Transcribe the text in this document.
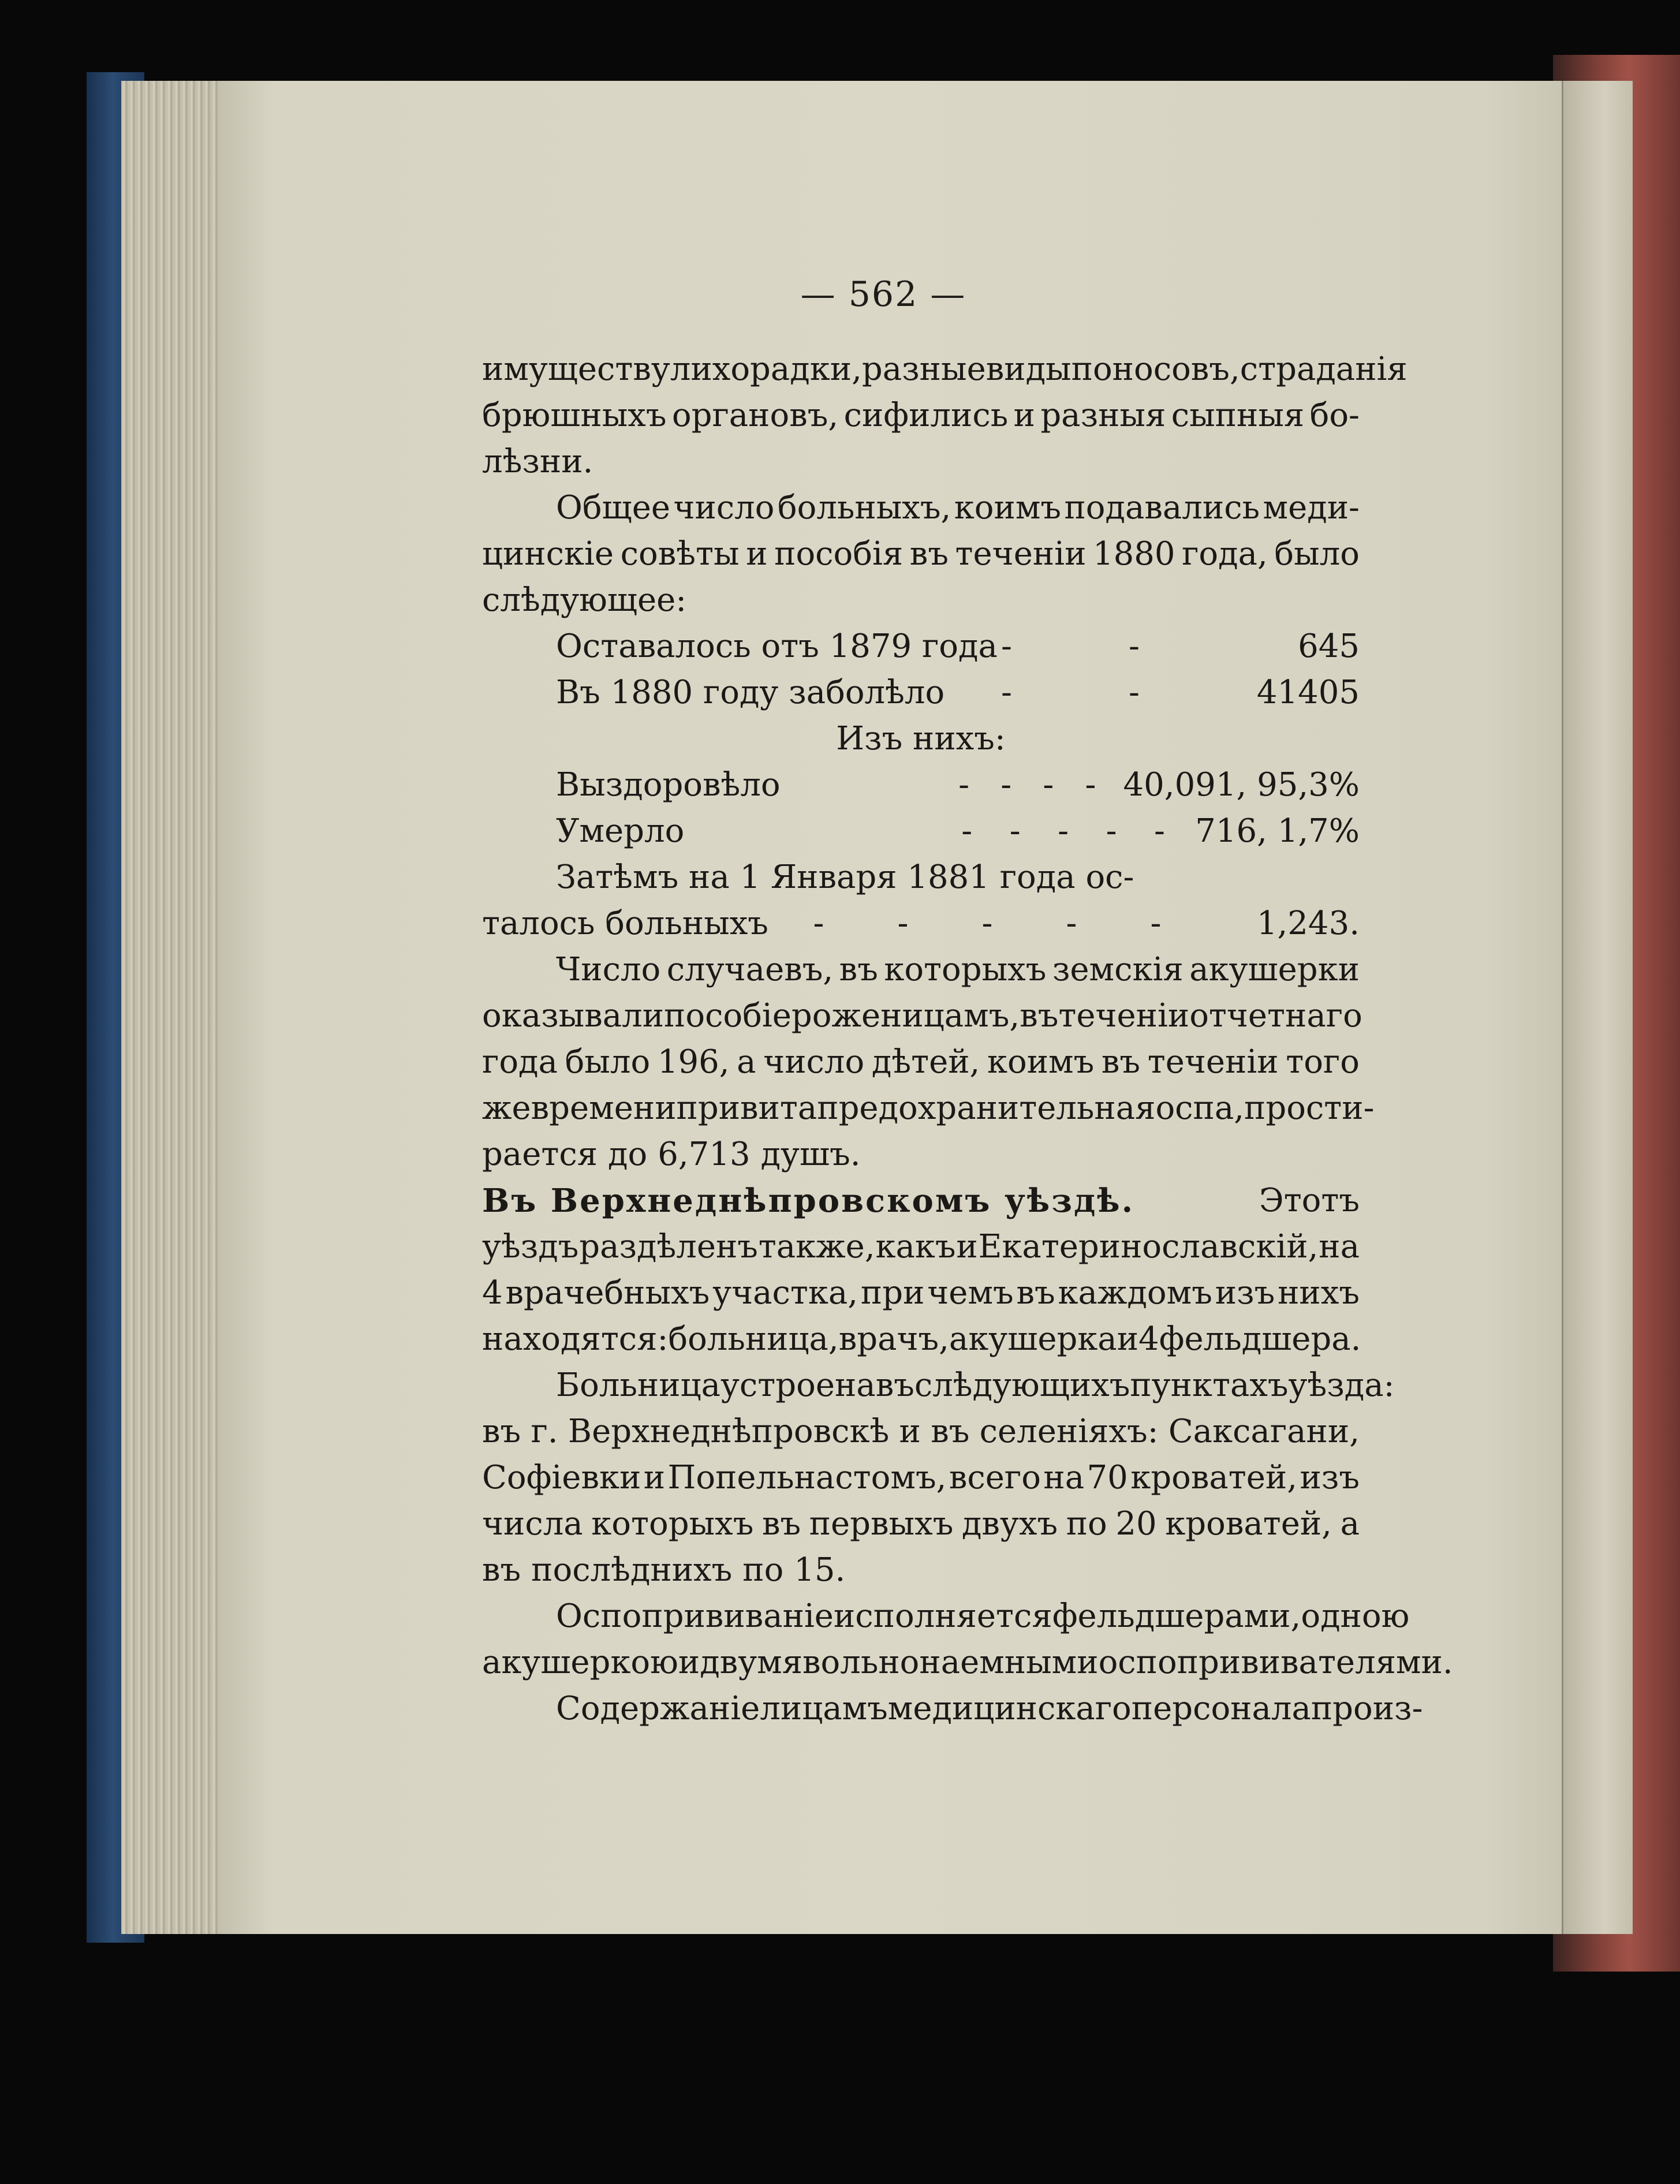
— 562 —
имуществу лихорадки, разные виды поносовъ, страданія
брюшныхъ органовъ, сифились и разныя сыпныя бо-
лѣзни.
Общее число больныхъ, коимъ подавались меди-
цинскіе совѣты и пособія въ теченіи 1880 года, было
слѣдующее:
Оставалось отъ 1879 года -	-	645
Въ 1880 году заболѣло -	-	41405
Изъ нихъ:
Выздоровѣло	- - - - 40,091, 95,3%
Умерло	- - - - - 716, 1,7%
Затѣмъ на 1 Января 1881 года ос-
талось больныхъ - - - - -	1,243.
Число случаевъ, въ которыхъ земскія акушерки
оказывали пособіе роженицамъ, въ теченіи отчетнаго
года было 196, а число дѣтей, коимъ въ теченіи того
же времени привита предохранительная оспа, прости-
рается до 6,713 душъ.
Въ Верхнеднѣпровскомъ уѣздѣ.	Этотъ
уѣздъ раздѣленъ также, какъ и Екатеринославскій, на
4 врачебныхъ участка, при чемъ въ каждомъ изъ нихъ
находятся: больница, врачъ, акушерка и 4 фельдшера.
Больница устроена въ слѣдующихъ пунктахъ уѣзда:
въ г. Верхнеднѣпровскѣ и въ селеніяхъ: Саксагани,
Софіевки и Попельнастомъ, всего на 70 кроватей, изъ
числа которыхъ въ первыхъ двухъ по 20 кроватей, а
въ послѣднихъ по 15.
Оспопрививаніе исполняется фельдшерами, одною
акушеркою и двумя вольнонаемными оспопрививателями.
Содержаніе лицамъ медицинскаго персонала произ-
